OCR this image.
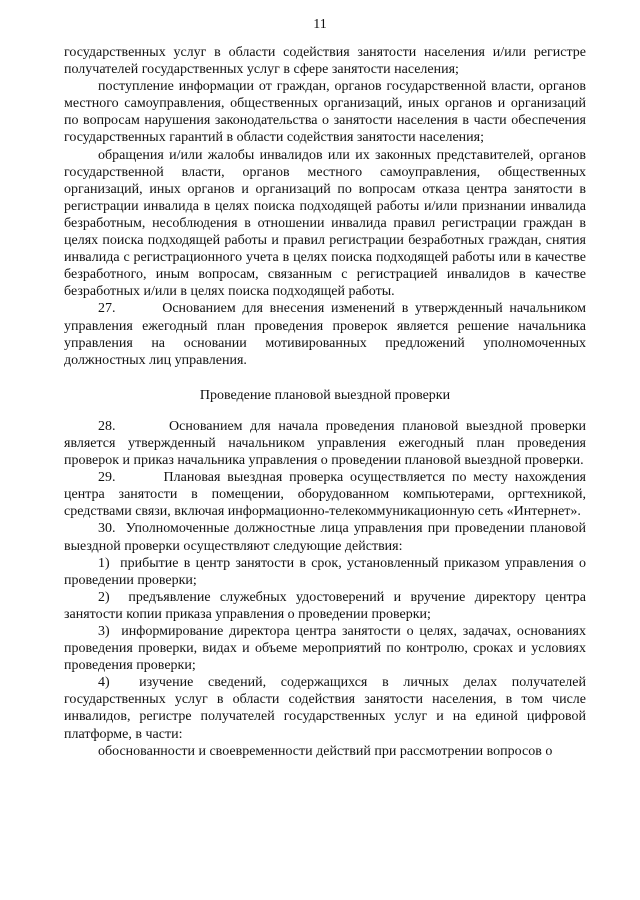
11

государственных услуг в области содействия занятости населения и/или регистре получателей государственных услуг в сфере занятости населения;

поступление информации от граждан, органов государственной власти, органов местного самоуправления, общественных организаций, иных органов и организаций по вопросам нарушения законодательства о занятости населения в части обеспечения государственных гарантий в области содействия занятости населения;

обращения и/или жалобы инвалидов или их законных представителей, органов государственной власти, органов местного самоуправления, общественных организаций, иных органов и организаций по вопросам отказа центра занятости в регистрации инвалида в целях поиска подходящей работы и/или признании инвалида безработным, несоблюдения в отношении инвалида правил регистрации граждан в целях поиска подходящей работы и правил регистрации безработных граждан, снятия инвалида с регистрационного учета в целях поиска подходящей работы или в качестве безработного, иным вопросам, связанным с регистрацией инвалидов в качестве безработных и/или в целях поиска подходящей работы.

27.       Основанием для внесения изменений в утвержденный начальником управления ежегодный план проведения проверок является решение начальника управления на основании мотивированных предложений уполномоченных должностных лиц управления.

Проведение плановой выездной проверки

28.       Основанием для начала проведения плановой выездной проверки является утвержденный начальником управления ежегодный план проведения проверок и приказ начальника управления о проведении плановой выездной проверки.

29.       Плановая выездная проверка осуществляется по месту нахождения центра занятости в помещении, оборудованном компьютерами, оргтехникой, средствами связи, включая информационно-телекоммуникационную сеть «Интернет».

30.  Уполномоченные должностные лица управления при проведении плановой выездной проверки осуществляют следующие действия:

1)  прибытие в центр занятости в срок, установленный приказом управления о проведении проверки;

2)  предъявление служебных удостоверений и вручение директору центра занятости копии приказа управления о проведении проверки;

3)  информирование директора центра занятости о целях, задачах, основаниях проведения проверки, видах и объеме мероприятий по контролю, сроках и условиях проведения проверки;

4)  изучение сведений, содержащихся в личных делах получателей государственных услуг в области содействия занятости населения, в том числе инвалидов, регистре получателей государственных услуг и на единой цифровой платформе, в части:

обоснованности и своевременности действий при рассмотрении вопросов о
